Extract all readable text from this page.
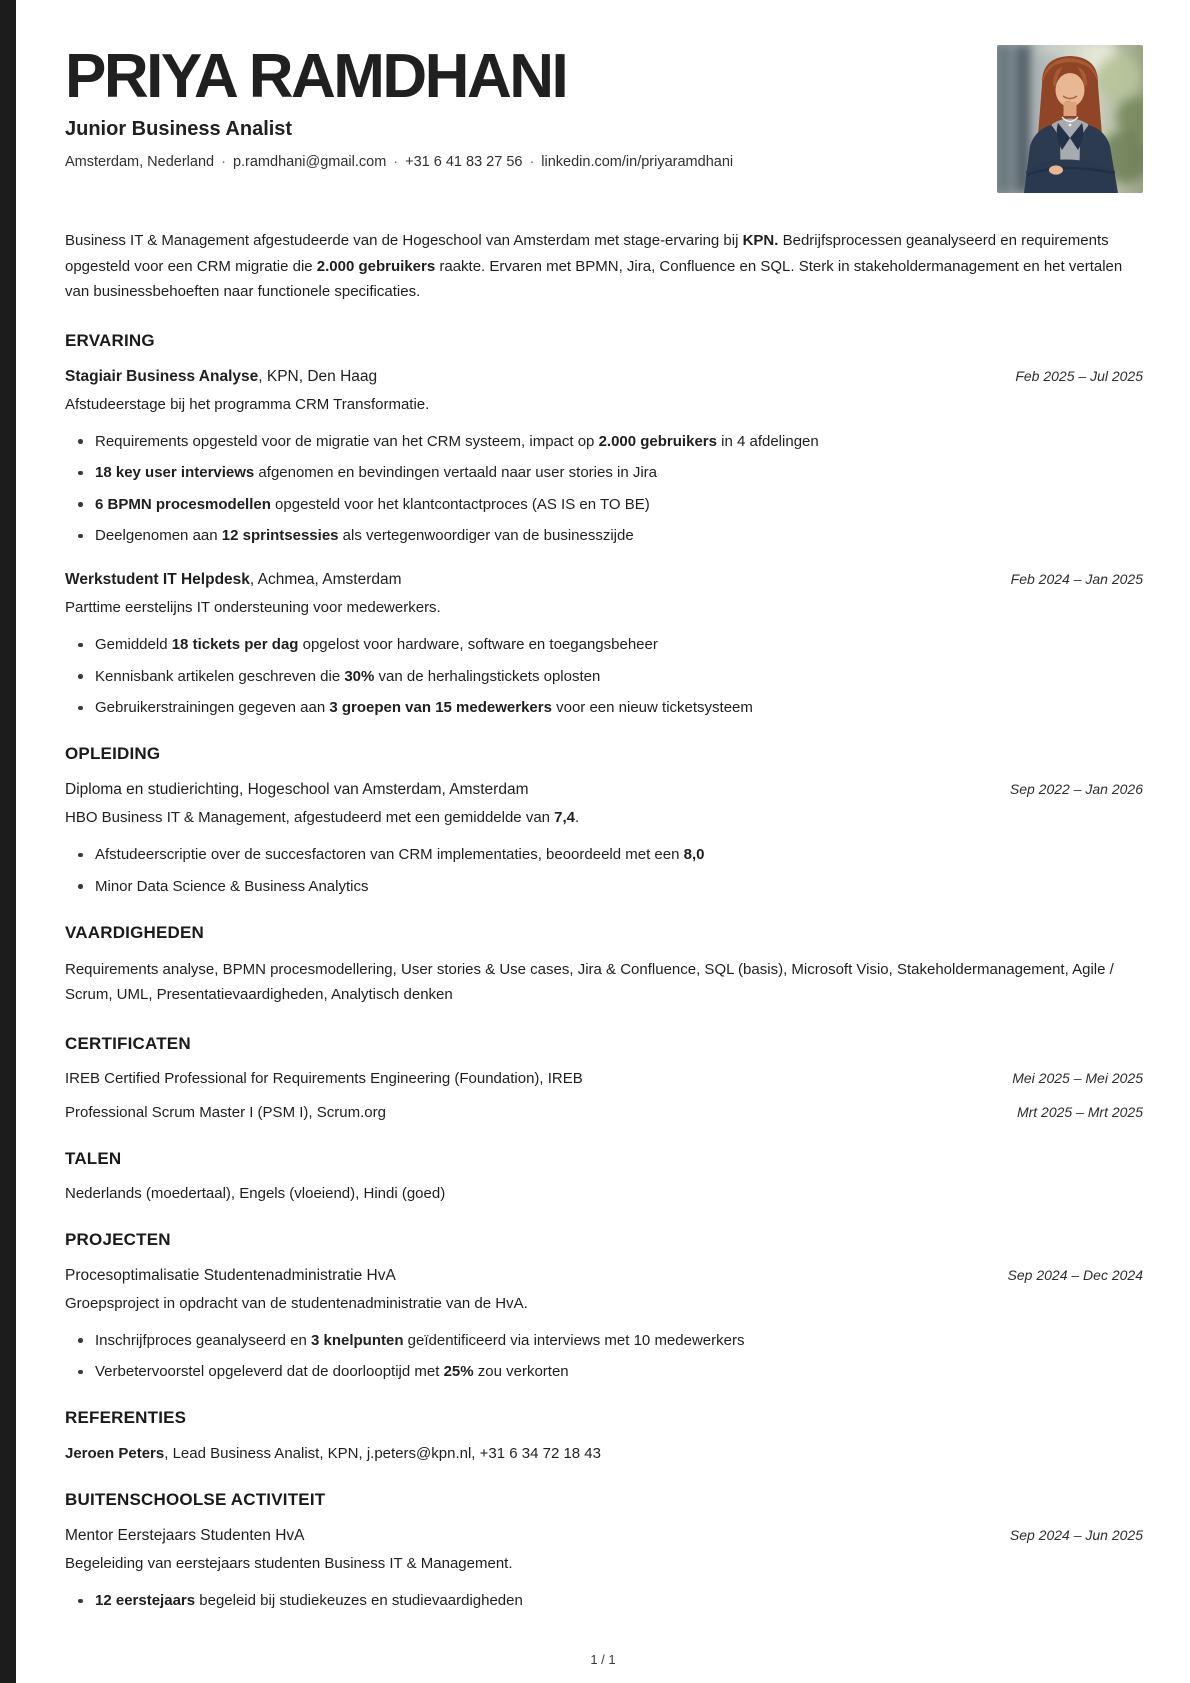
PRIYA RAMDHANI
Junior Business Analist
Amsterdam, Nederland · p.ramdhani@gmail.com · +31 6 41 83 27 56 · linkedin.com/in/priyaramdhani

Business IT & Management afgestudeerde van de Hogeschool van Amsterdam met stage-ervaring bij KPN. Bedrijfsprocessen geanalyseerd en requirements opgesteld voor een CRM migratie die 2.000 gebruikers raakte. Ervaren met BPMN, Jira, Confluence en SQL. Sterk in stakeholdermanagement en het vertalen van businessbehoeften naar functionele specificaties.

ERVARING
Stagiair Business Analyse, KPN, Den Haag	Feb 2025 – Jul 2025
Afstudeerstage bij het programma CRM Transformatie.
Requirements opgesteld voor de migratie van het CRM systeem, impact op 2.000 gebruikers in 4 afdelingen
18 key user interviews afgenomen en bevindingen vertaald naar user stories in Jira
6 BPMN procesmodellen opgesteld voor het klantcontactproces (AS IS en TO BE)
Deelgenomen aan 12 sprintsessies als vertegenwoordiger van de businesszijde
Werkstudent IT Helpdesk, Achmea, Amsterdam	Feb 2024 – Jan 2025
Parttime eerstelijns IT ondersteuning voor medewerkers.
Gemiddeld 18 tickets per dag opgelost voor hardware, software en toegangsbeheer
Kennisbank artikelen geschreven die 30% van de herhalingstickets oplosten
Gebruikerstrainingen gegeven aan 3 groepen van 15 medewerkers voor een nieuw ticketsysteem
OPLEIDING
Diploma en studierichting, Hogeschool van Amsterdam, Amsterdam	Sep 2022 – Jan 2026
HBO Business IT & Management, afgestudeerd met een gemiddelde van 7,4.
Afstudeerscriptie over de succesfactoren van CRM implementaties, beoordeeld met een 8,0
Minor Data Science & Business Analytics
VAARDIGHEDEN

Requirements analyse, BPMN procesmodellering, User stories & Use cases, Jira & Confluence, SQL (basis), Microsoft Visio, Stakeholdermanagement, Agile / Scrum, UML, Presentatievaardigheden, Analytisch denken

CERTIFICATEN
IREB Certified Professional for Requirements Engineering (Foundation), IREB	Mei 2025 – Mei 2025
Professional Scrum Master I (PSM I), Scrum.org	Mrt 2025 – Mrt 2025
TALEN

Nederlands (moedertaal), Engels (vloeiend), Hindi (goed)

PROJECTEN
Procesoptimalisatie Studentenadministratie HvA	Sep 2024 – Dec 2024
Groepsproject in opdracht van de studentenadministratie van de HvA.
Inschrijfproces geanalyseerd en 3 knelpunten geïdentificeerd via interviews met 10 medewerkers
Verbetervoorstel opgeleverd dat de doorlooptijd met 25% zou verkorten
REFERENTIES

Jeroen Peters, Lead Business Analist, KPN, j.peters@kpn.nl, +31 6 34 72 18 43

BUITENSCHOOLSE ACTIVITEIT
Mentor Eerstejaars Studenten HvA	Sep 2024 – Jun 2025
Begeleiding van eerstejaars studenten Business IT & Management.
12 eerstejaars begeleid bij studiekeuzes en studievaardigheden
1 / 1
